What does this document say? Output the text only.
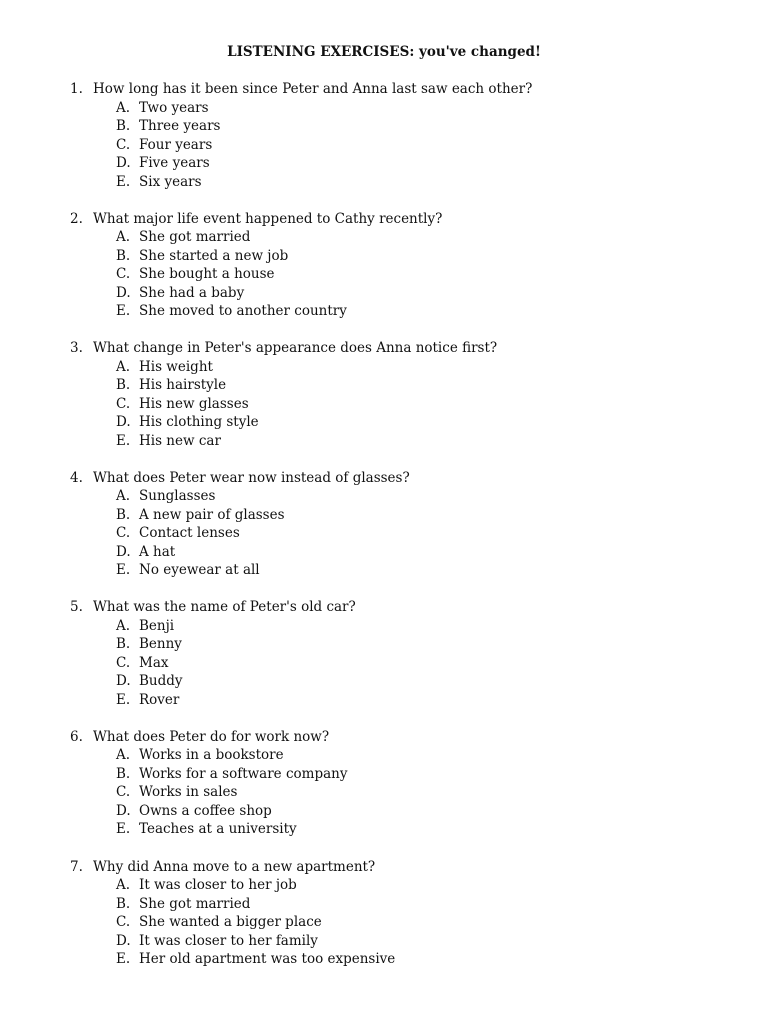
LISTENING EXERCISES: you've changed!
1. How long has it been since Peter and Anna last saw each other?
A. Two years
B. Three years
C. Four years
D. Five years
E. Six years
2. What major life event happened to Cathy recently?
A. She got married
B. She started a new job
C. She bought a house
D. She had a baby
E. She moved to another country
3. What change in Peter's appearance does Anna notice first?
A. His weight
B. His hairstyle
C. His new glasses
D. His clothing style
E. His new car
4. What does Peter wear now instead of glasses?
A. Sunglasses
B. A new pair of glasses
C. Contact lenses
D. A hat
E. No eyewear at all
5. What was the name of Peter's old car?
A. Benji
B. Benny
C. Max
D. Buddy
E. Rover
6. What does Peter do for work now?
A. Works in a bookstore
B. Works for a software company
C. Works in sales
D. Owns a coffee shop
E. Teaches at a university
7. Why did Anna move to a new apartment?
A. It was closer to her job
B. She got married
C. She wanted a bigger place
D. It was closer to her family
E. Her old apartment was too expensive
